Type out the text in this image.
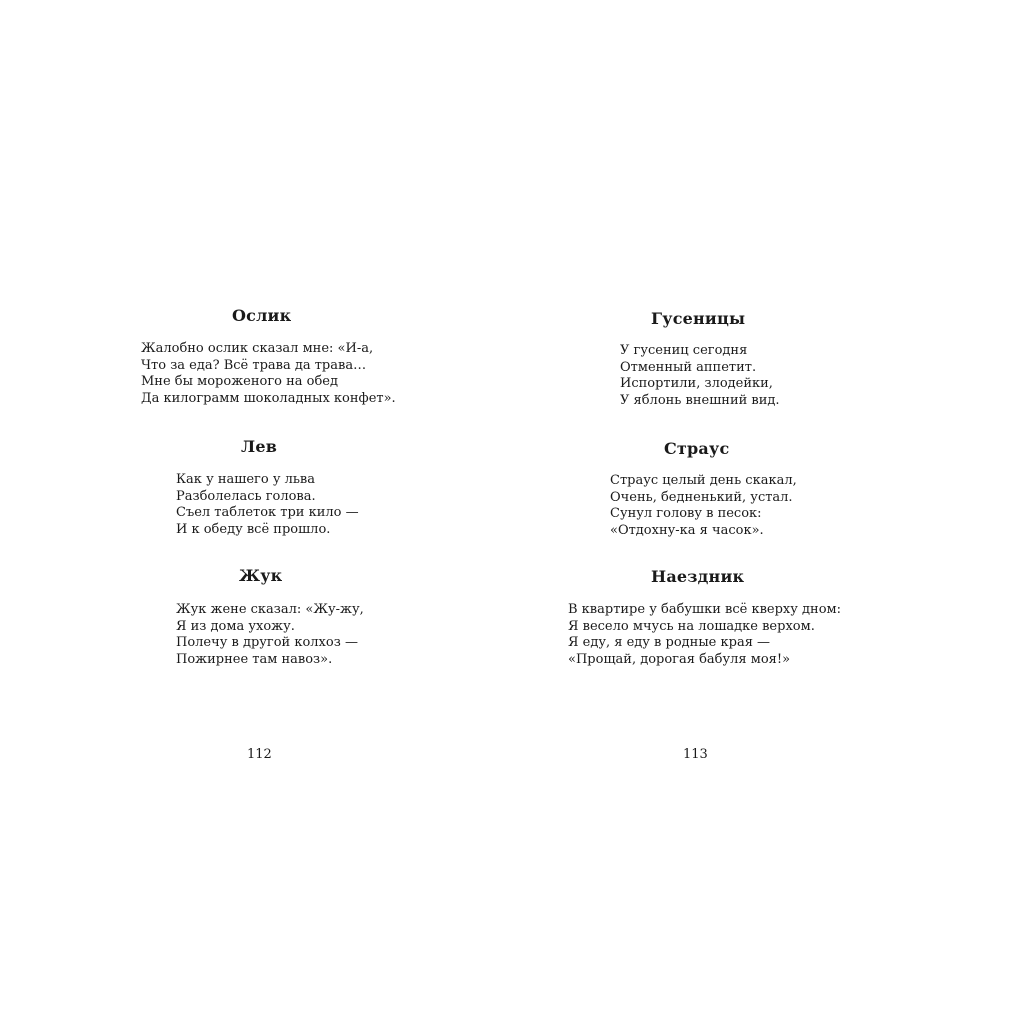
Ослик
Жалобно ослик сказал мне: «И-а,
Что за еда? Всё трава да трава…
Мне бы мороженого на обед
Да килограмм шоколадных конфет».
Лев
Как у нашего у льва
Разболелась голова.
Съел таблеток три кило —
И к обеду всё прошло.
Жук
Жук жене сказал: «Жу-жу,
Я из дома ухожу.
Полечу в другой колхоз —
Пожирнее там навоз».
112
Гусеницы
У гусениц сегодня
Отменный аппетит.
Испортили, злодейки,
У яблонь внешний вид.
Страус
Страус целый день скакал,
Очень, бедненький, устал.
Сунул голову в песок:
«Отдохну-ка я часок».
Наездник
В квартире у бабушки всё кверху дном:
Я весело мчусь на лошадке верхом.
Я еду, я еду в родные края —
«Прощай, дорогая бабуля моя!»
113
